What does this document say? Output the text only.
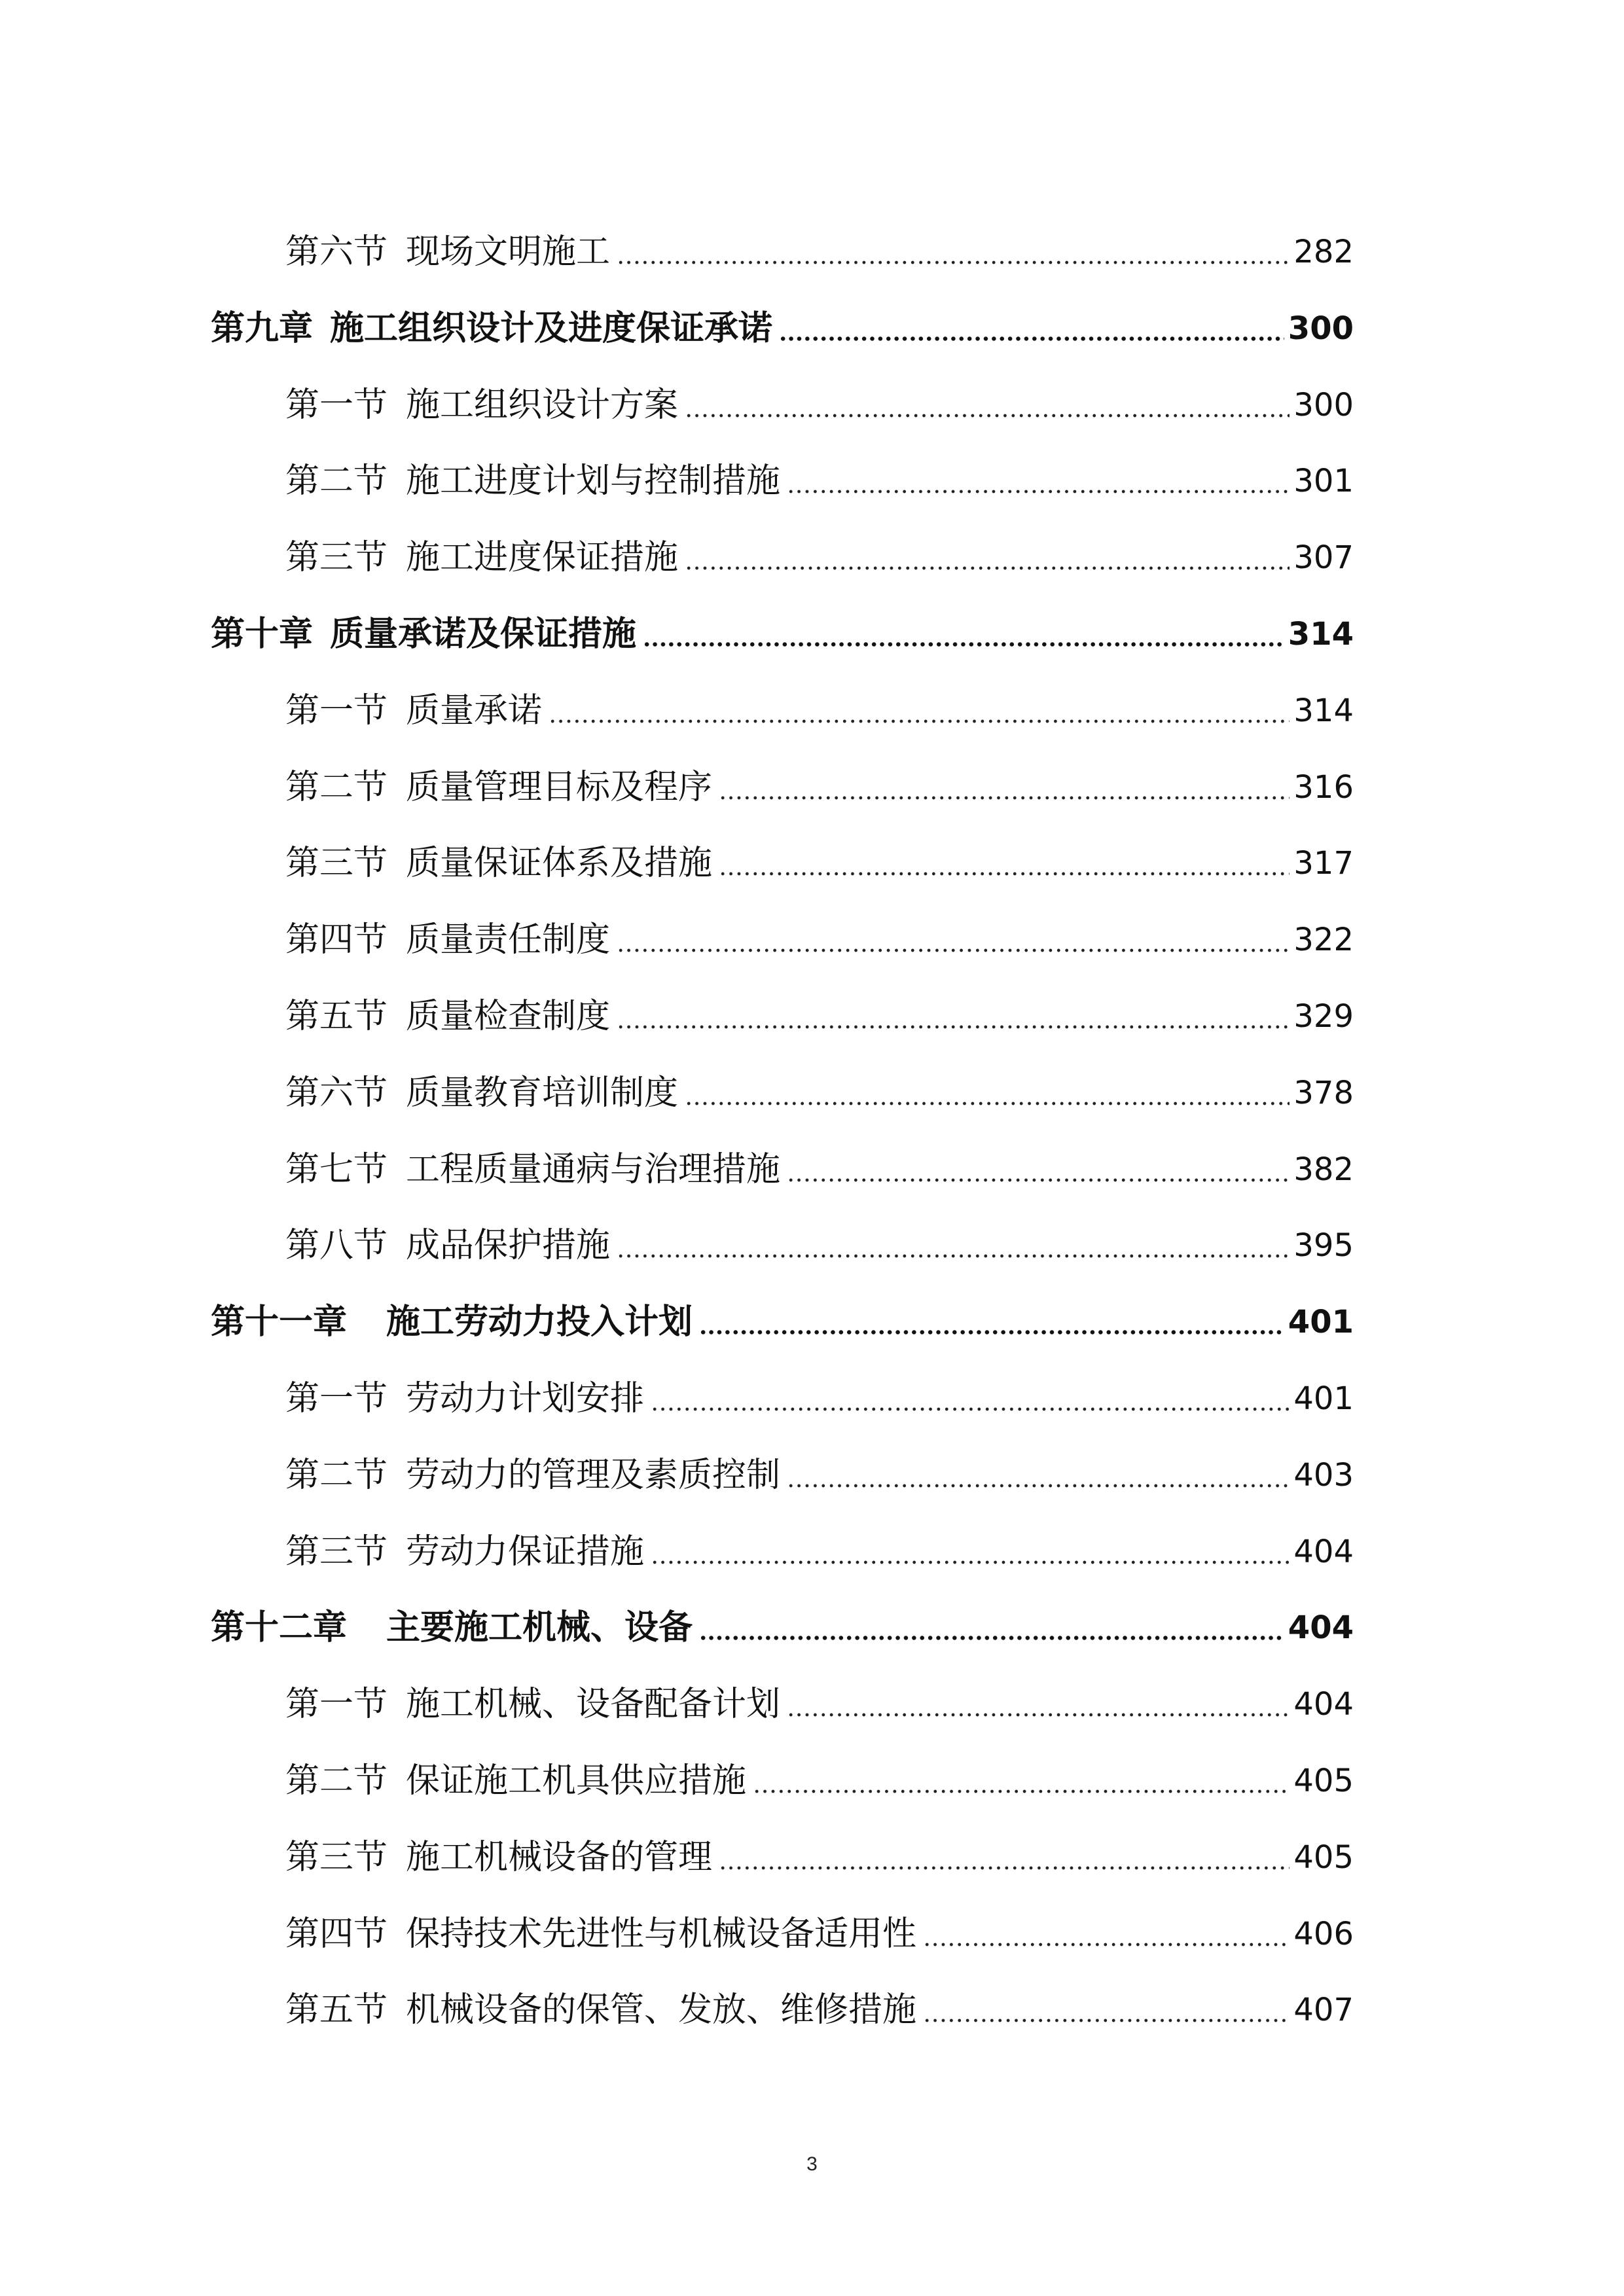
第六节 现场文明施工	282
第九章 施工组织设计及进度保证承诺	300
第一节 施工组织设计方案	300
第二节 施工进度计划与控制措施	301
第三节 施工进度保证措施	307
第十章 质量承诺及保证措施	314
第一节 质量承诺	314
第二节 质量管理目标及程序	316
第三节 质量保证体系及措施	317
第四节 质量责任制度	322
第五节 质量检查制度	329
第六节 质量教育培训制度	378
第七节 工程质量通病与治理措施	382
第八节 成品保护措施	395
第十一章 施工劳动力投入计划	401
第一节 劳动力计划安排	401
第二节 劳动力的管理及素质控制	403
第三节 劳动力保证措施	404
第十二章 主要施工机械、设备	404
第一节 施工机械、设备配备计划	404
第二节 保证施工机具供应措施	405
第三节 施工机械设备的管理	405
第四节 保持技术先进性与机械设备适用性	406
第五节 机械设备的保管、发放、维修措施	407
3
